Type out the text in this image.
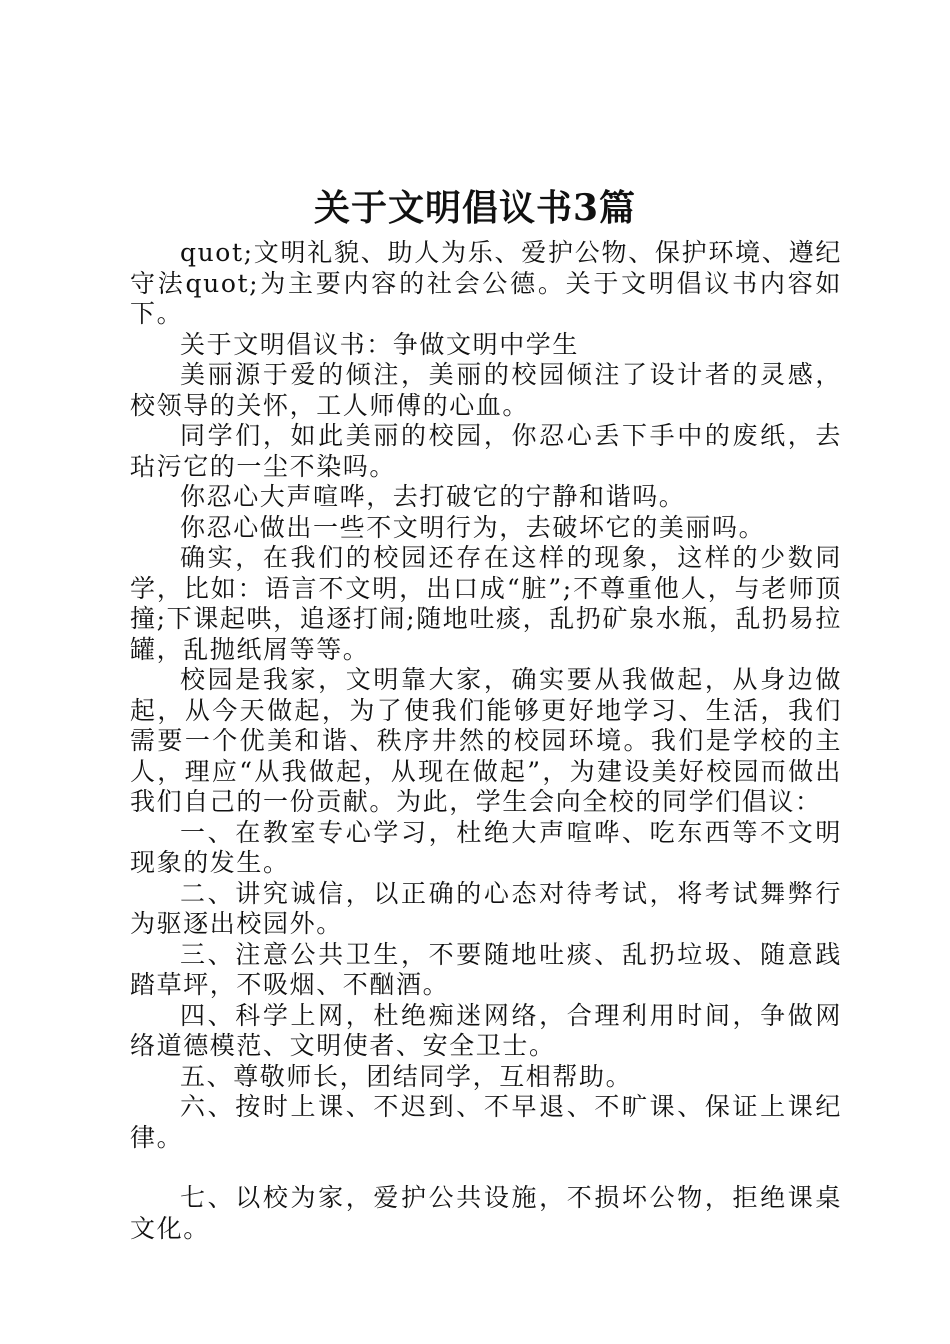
关于文明倡议书3篇

quot;文明礼貌、助人为乐、爱护公物、保护环境、遵纪守法quot;为主要内容的社会公德。关于文明倡议书内容如下。

关于文明倡议书：争做文明中学生

美丽源于爱的倾注，美丽的校园倾注了设计者的灵感，校领导的关怀，工人师傅的心血。

同学们，如此美丽的校园，你忍心丢下手中的废纸，去玷污它的一尘不染吗。

你忍心大声喧哗，去打破它的宁静和谐吗。

你忍心做出一些不文明行为，去破坏它的美丽吗。

确实，在我们的校园还存在这样的现象，这样的少数同学，比如：语言不文明，出口成“脏”;不尊重他人，与老师顶撞;下课起哄，追逐打闹;随地吐痰，乱扔矿泉水瓶，乱扔易拉罐，乱抛纸屑等等。

校园是我家，文明靠大家，确实要从我做起，从身边做起，从今天做起，为了使我们能够更好地学习、生活，我们需要一个优美和谐、秩序井然的校园环境。我们是学校的主人，理应“从我做起，从现在做起”，为建设美好校园而做出我们自己的一份贡献。为此，学生会向全校的同学们倡议：

一、在教室专心学习，杜绝大声喧哗、吃东西等不文明现象的发生。

二、讲究诚信，以正确的心态对待考试，将考试舞弊行为驱逐出校园外。

三、注意公共卫生，不要随地吐痰、乱扔垃圾、随意践踏草坪，不吸烟、不酗酒。

四、科学上网，杜绝痴迷网络，合理利用时间，争做网络道德模范、文明使者、安全卫士。

五、尊敬师长，团结同学，互相帮助。

六、按时上课、不迟到、不早退、不旷课、保证上课纪律。

七、以校为家，爱护公共设施，不损坏公物，拒绝课桌文化。
